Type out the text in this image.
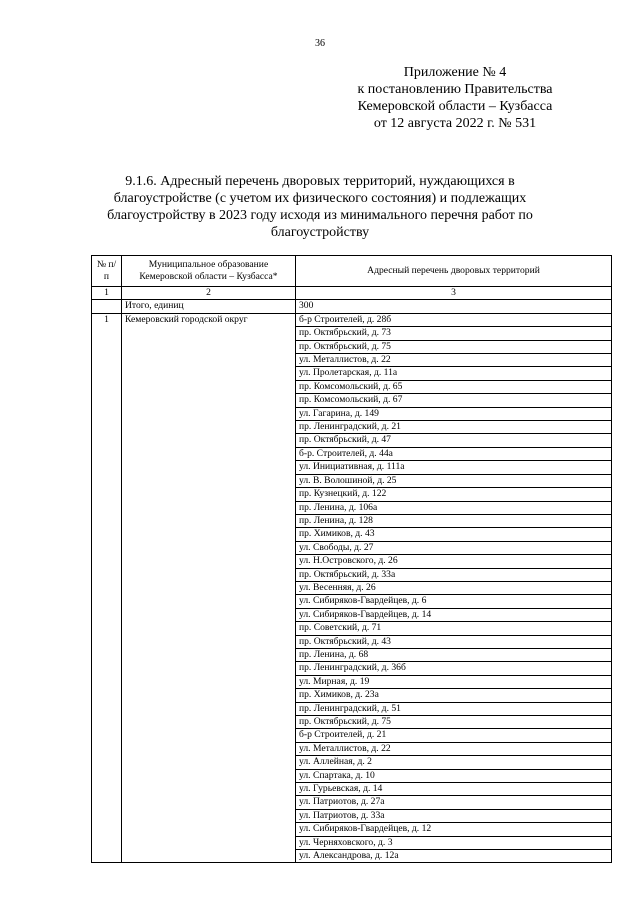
36
Приложение № 4
к постановлению Правительства
Кемеровской области – Кузбасса
от 12 августа 2022 г. № 531
9.1.6. Адресный перечень дворовых территорий, нуждающихся в благоустройстве (с учетом их физического состояния) и подлежащих благоустройству в 2023 году исходя из минимального перечня работ по благоустройству
№ п/п	Муниципальное образование Кемеровской области – Кузбасса*	Адресный перечень дворовых территорий
1	2	3
	Итого, единиц	300
1	Кемеровский городской округ	б-р Строителей, д. 28б
		пр. Октябрьский, д. 73
		пр. Октябрьский, д. 75
		ул. Металлистов, д. 22
		ул. Пролетарская, д. 11а
		пр. Комсомольский, д. 65
		пр. Комсомольский, д. 67
		ул. Гагарина, д. 149
		пр. Ленинградский, д. 21
		пр. Октябрьский, д. 47
		б-р. Строителей, д. 44а
		ул. Инициативная, д. 111а
		ул. В. Волошиной, д. 25
		пр. Кузнецкий, д. 122
		пр. Ленина, д. 106а
		пр. Ленина, д. 128
		пр. Химиков, д. 43
		ул. Свободы, д. 27
		ул. Н.Островского, д. 26
		пр. Октябрьский, д. 33а
		ул. Весенняя, д. 26
		ул. Сибиряков-Гвардейцев, д. 6
		ул. Сибиряков-Гвардейцев, д. 14
		пр. Советский, д. 71
		пр. Октябрьский, д. 43
		пр. Ленина, д. 68
		пр. Ленинградский, д. 36б
		ул. Мирная, д. 19
		пр. Химиков, д. 23а
		пр. Ленинградский, д. 51
		пр. Октябрьский, д. 75
		б-р Строителей, д. 21
		ул. Металлистов, д. 22
		ул. Аллейная, д. 2
		ул. Спартака, д. 10
		ул. Гурьевская, д. 14
		ул. Патриотов, д. 27а
		ул. Патриотов, д. 33а
		ул. Сибиряков-Гвардейцев, д. 12
		ул. Черняховского, д. 3
		ул. Александрова, д. 12а
